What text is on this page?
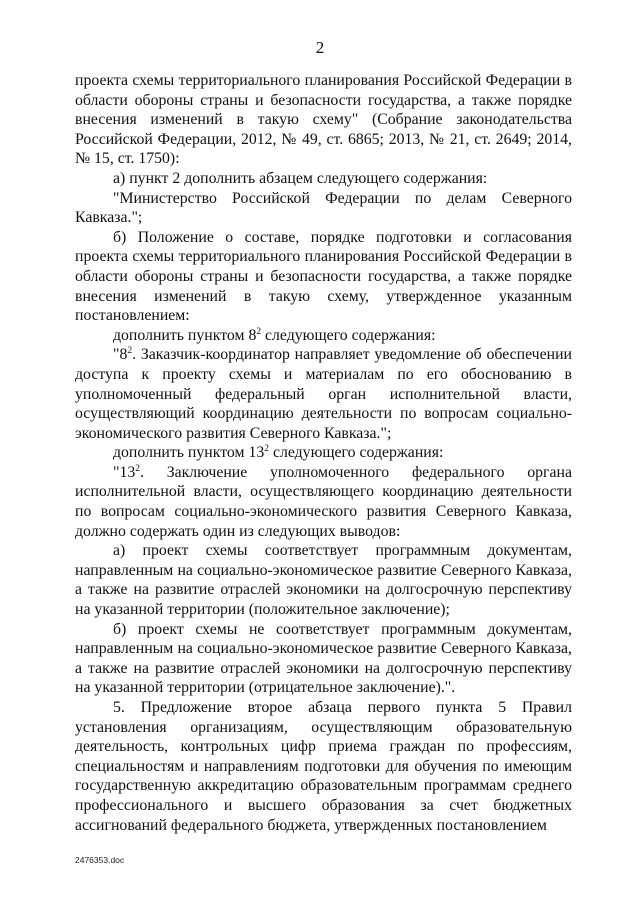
2

проекта схемы территориального планирования Российской Федерации в области обороны страны и безопасности государства, а также порядке внесения изменений в такую схему" (Собрание законодательства Российской Федерации, 2012, № 49, ст. 6865; 2013, № 21, ст. 2649; 2014, № 15, ст. 1750):

а) пункт 2 дополнить абзацем следующего содержания:

"Министерство Российской Федерации по делам Северного Кавказа.";

б) Положение о составе, порядке подготовки и согласования проекта схемы территориального планирования Российской Федерации в области обороны страны и безопасности государства, а также порядке внесения изменений в такую схему, утвержденное указанным постановлением:

дополнить пунктом $8^2$ следующего содержания:

"$8^2$. Заказчик-координатор направляет уведомление об обеспечении доступа к проекту схемы и материалам по его обоснованию в уполномоченный федеральный орган исполнительной власти, осуществляющий координацию деятельности по вопросам социально-экономического развития Северного Кавказа.";

дополнить пунктом $13^2$ следующего содержания:

"$13^2$. Заключение уполномоченного федерального органа исполнительной власти, осуществляющего координацию деятельности по вопросам социально-экономического развития Северного Кавказа, должно содержать один из следующих выводов:

а) проект схемы соответствует программным документам, направленным на социально-экономическое развитие Северного Кавказа, а также на развитие отраслей экономики на долгосрочную перспективу на указанной территории (положительное заключение);

б) проект схемы не соответствует программным документам, направленным на социально-экономическое развитие Северного Кавказа, а также на развитие отраслей экономики на долгосрочную перспективу на указанной территории (отрицательное заключение).".

5. Предложение второе абзаца первого пункта 5 Правил установления организациям, осуществляющим образовательную деятельность, контрольных цифр приема граждан по профессиям, специальностям и направлениям подготовки для обучения по имеющим государственную аккредитацию образовательным программам среднего профессионального и высшего образования за счет бюджетных ассигнований федерального бюджета, утвержденных постановлением

2476353.doc
